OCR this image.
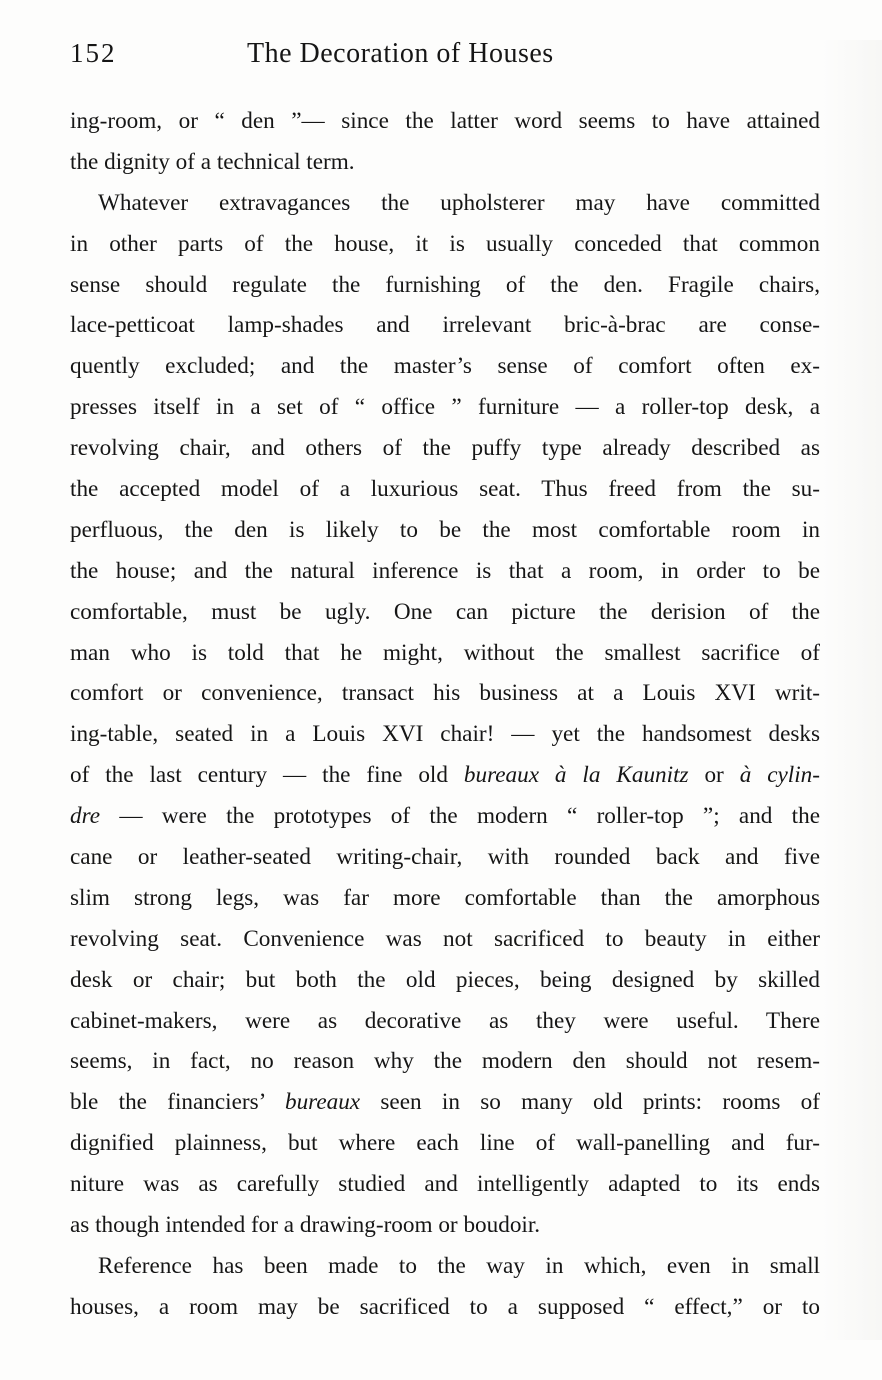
152	The Decoration of Houses
ing-room, or “ den ”— since the latter word seems to have attained
the dignity of a technical term.
Whatever extravagances the upholsterer may have committed
in other parts of the house, it is usually conceded that common
sense should regulate the furnishing of the den. Fragile chairs,
lace-petticoat lamp-shades and irrelevant bric-à-brac are conse-
quently excluded; and the master’s sense of comfort often ex-
presses itself in a set of “ office ” furniture — a roller-top desk, a
revolving chair, and others of the puffy type already described as
the accepted model of a luxurious seat. Thus freed from the su-
perfluous, the den is likely to be the most comfortable room in
the house; and the natural inference is that a room, in order to be
comfortable, must be ugly. One can picture the derision of the
man who is told that he might, without the smallest sacrifice of
comfort or convenience, transact his business at a Louis XVI writ-
ing-table, seated in a Louis XVI chair! — yet the handsomest desks
of the last century — the fine old bureaux à la Kaunitz or à cylin-
dre — were the prototypes of the modern “ roller-top ”; and the
cane or leather-seated writing-chair, with rounded back and five
slim strong legs, was far more comfortable than the amorphous
revolving seat. Convenience was not sacrificed to beauty in either
desk or chair; but both the old pieces, being designed by skilled
cabinet-makers, were as decorative as they were useful. There
seems, in fact, no reason why the modern den should not resem-
ble the financiers’ bureaux seen in so many old prints: rooms of
dignified plainness, but where each line of wall-panelling and fur-
niture was as carefully studied and intelligently adapted to its ends
as though intended for a drawing-room or boudoir.
Reference has been made to the way in which, even in small
houses, a room may be sacrificed to a supposed “ effect,” or to
